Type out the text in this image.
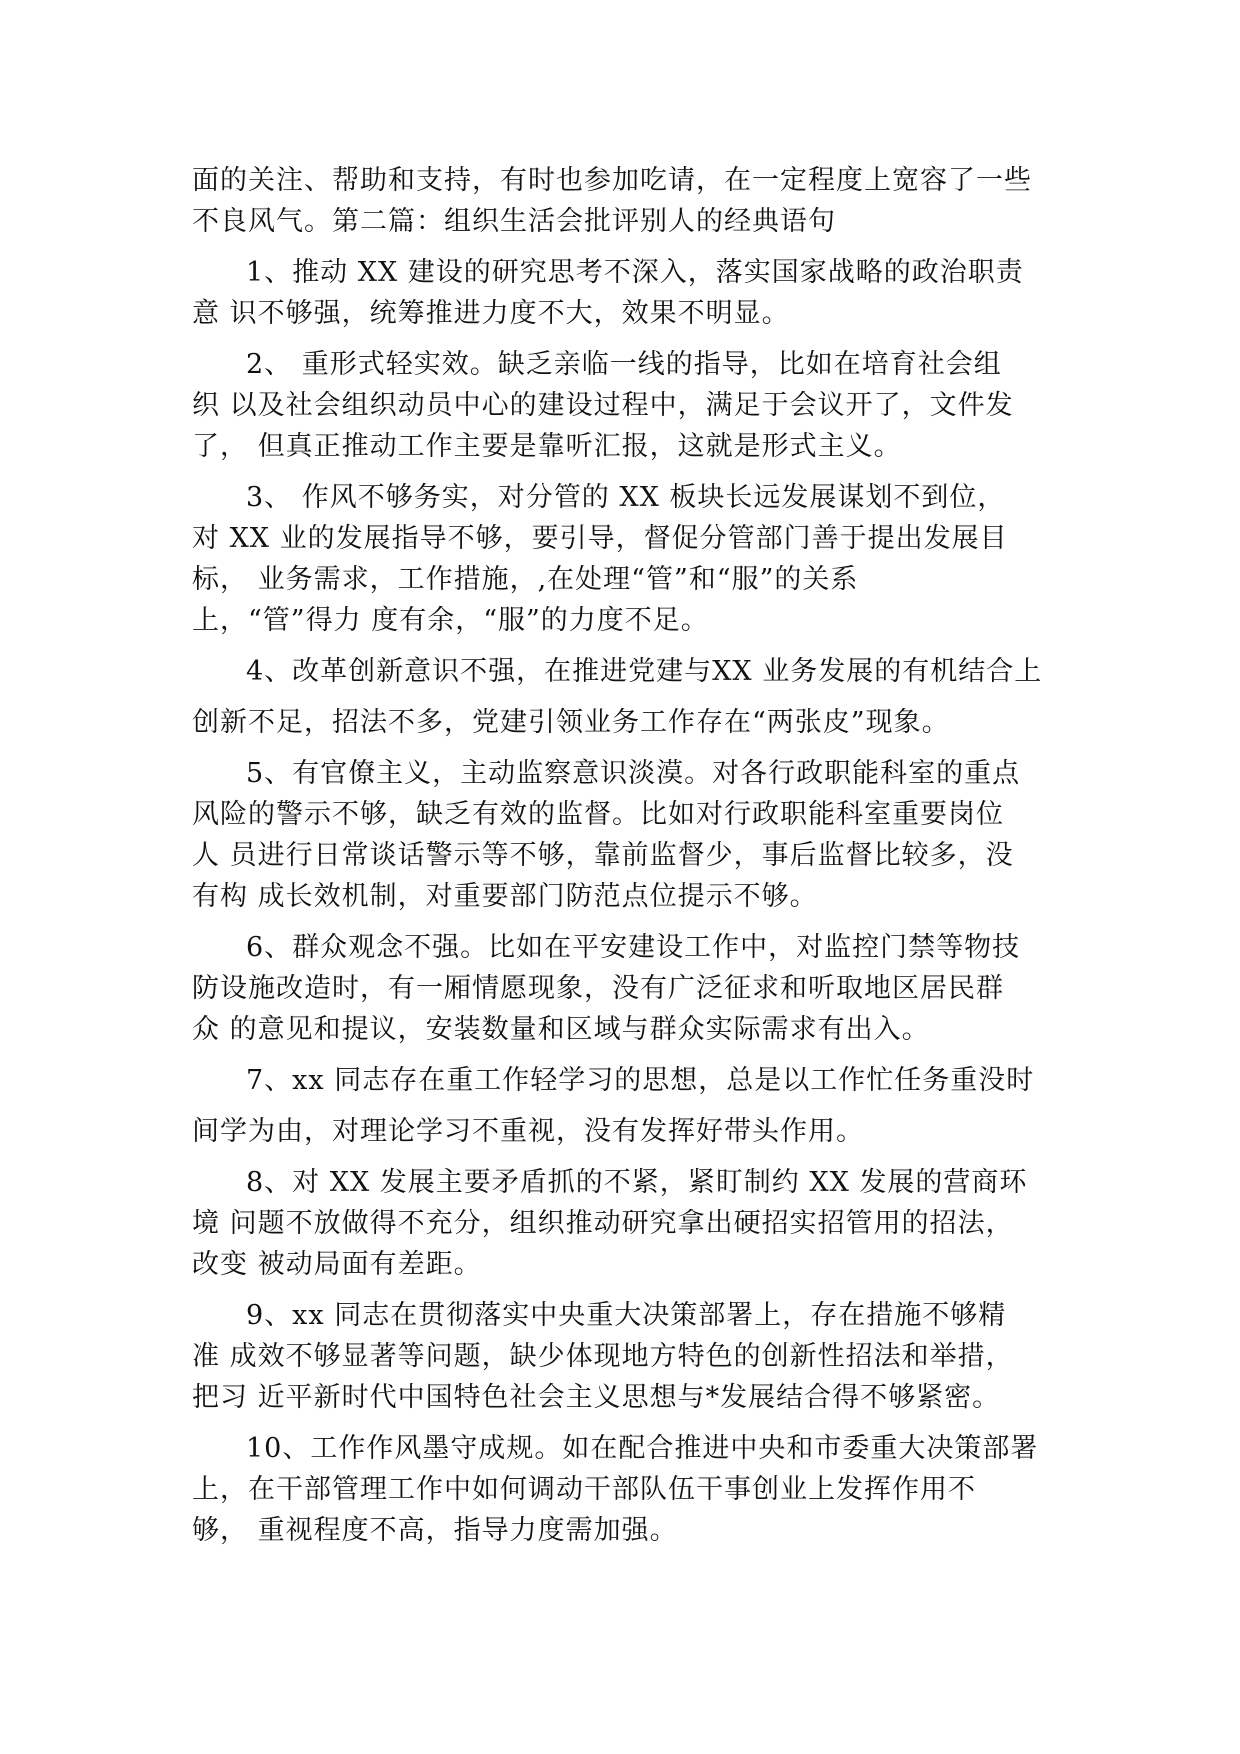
面的关注、帮助和支持，有时也参加吃请，在一定程度上宽容了一些
不良风气。第二篇：组织生活会批评别人的经典语句
1、推动 XX 建设的研究思考不深入，落实国家战略的政治职责
意 识不够强，统筹推进力度不大，效果不明显。
2、 重形式轻实效。缺乏亲临一线的指导，比如在培育社会组
织 以及社会组织动员中心的建设过程中，满足于会议开了，文件发
了， 但真正推动工作主要是靠听汇报，这就是形式主义。
3、 作风不够务实，对分管的 XX 板块长远发展谋划不到位，
对 XX 业的发展指导不够，要引导，督促分管部门善于提出发展目
标， 业务需求，工作措施，,在处理“管”和“服”的关系
上，“管”得力 度有余，“服”的力度不足。
4、改革创新意识不强，在推进党建与XX 业务发展的有机结合上
创新不足，招法不多，党建引领业务工作存在“两张皮”现象。
5、有官僚主义，主动监察意识淡漠。对各行政职能科室的重点
风险的警示不够，缺乏有效的监督。比如对行政职能科室重要岗位
人 员进行日常谈话警示等不够，靠前监督少，事后监督比较多，没
有构 成长效机制，对重要部门防范点位提示不够。
6、群众观念不强。比如在平安建设工作中，对监控门禁等物技
防设施改造时，有一厢情愿现象，没有广泛征求和听取地区居民群
众 的意见和提议，安装数量和区域与群众实际需求有出入。
7、xx 同志存在重工作轻学习的思想，总是以工作忙任务重没时
间学为由，对理论学习不重视，没有发挥好带头作用。
8、对 XX 发展主要矛盾抓的不紧，紧盯制约 XX 发展的营商环
境 问题不放做得不充分，组织推动研究拿出硬招实招管用的招法，
改变 被动局面有差距。
9、xx 同志在贯彻落实中央重大决策部署上，存在措施不够精
准 成效不够显著等问题，缺少体现地方特色的创新性招法和举措，
把习 近平新时代中国特色社会主义思想与*发展结合得不够紧密。
10、工作作风墨守成规。如在配合推进中央和市委重大决策部署
上，在干部管理工作中如何调动干部队伍干事创业上发挥作用不
够， 重视程度不高，指导力度需加强。
